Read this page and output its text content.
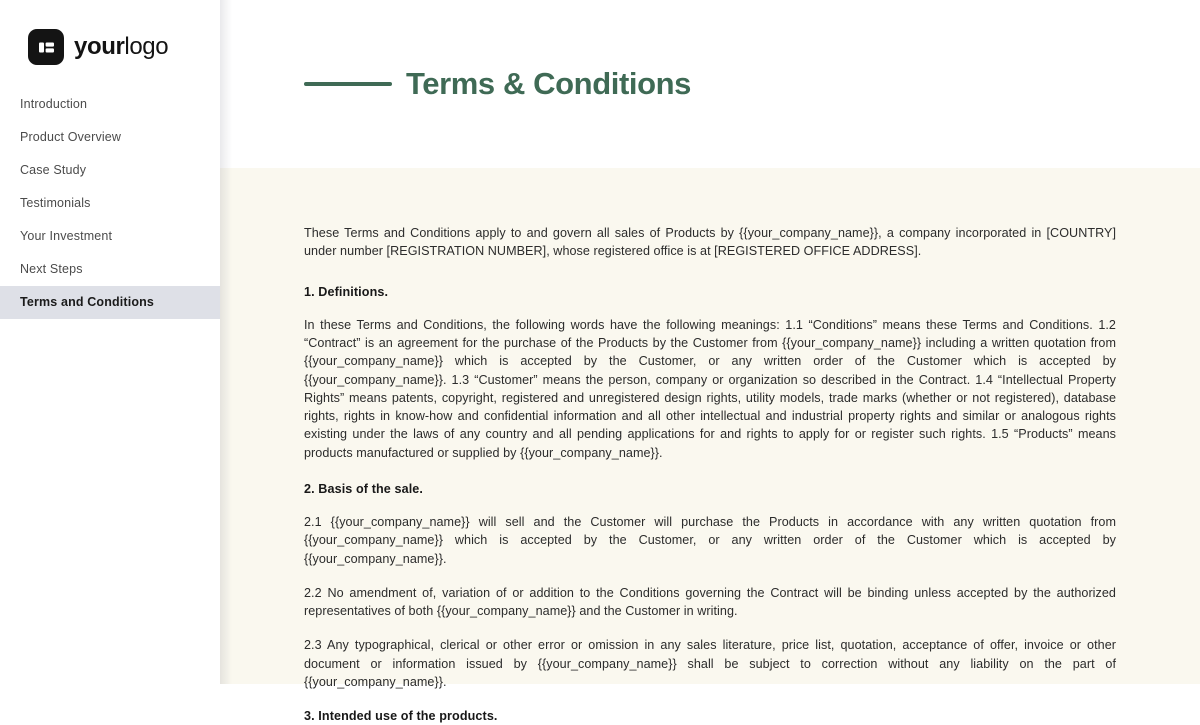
yourlogo
Introduction
Product Overview
Case Study
Testimonials
Your Investment
Next Steps
Terms and Conditions
Terms & Conditions

These Terms and Conditions apply to and govern all sales of Products by {{your_company_name}}, a company incorporated in [COUNTRY] under number [REGISTRATION NUMBER], whose registered office is at [REGISTERED OFFICE ADDRESS].

1. Definitions.

In these Terms and Conditions, the following words have the following meanings: 1.1 “Conditions” means these Terms and Conditions. 1.2 “Contract” is an agreement for the purchase of the Products by the Customer from {{your_company_name}} including a written quotation from {{your_company_name}} which is accepted by the Customer, or any written order of the Customer which is accepted by {{your_company_name}}. 1.3 “Customer” means the person, company or organization so described in the Contract. 1.4 “Intellectual Property Rights” means patents, copyright, registered and unregistered design rights, utility models, trade marks (whether or not registered), database rights, rights in know-how and confidential information and all other intellectual and industrial property rights and similar or analogous rights existing under the laws of any country and all pending applications for and rights to apply for or register such rights. 1.5 “Products” means products manufactured or supplied by {{your_company_name}}.

2. Basis of the sale.

2.1 {{your_company_name}} will sell and the Customer will purchase the Products in accordance with any written quotation from {{your_company_name}} which is accepted by the Customer, or any written order of the Customer which is accepted by {{your_company_name}}.

2.2 No amendment of, variation of or addition to the Conditions governing the Contract will be binding unless accepted by the authorized representatives of both {{your_company_name}} and the Customer in writing.

2.3 Any typographical, clerical or other error or omission in any sales literature, price list, quotation, acceptance of offer, invoice or other document or information issued by {{your_company_name}} shall be subject to correction without any liability on the part of {{your_company_name}}.

3. Intended use of the products.
